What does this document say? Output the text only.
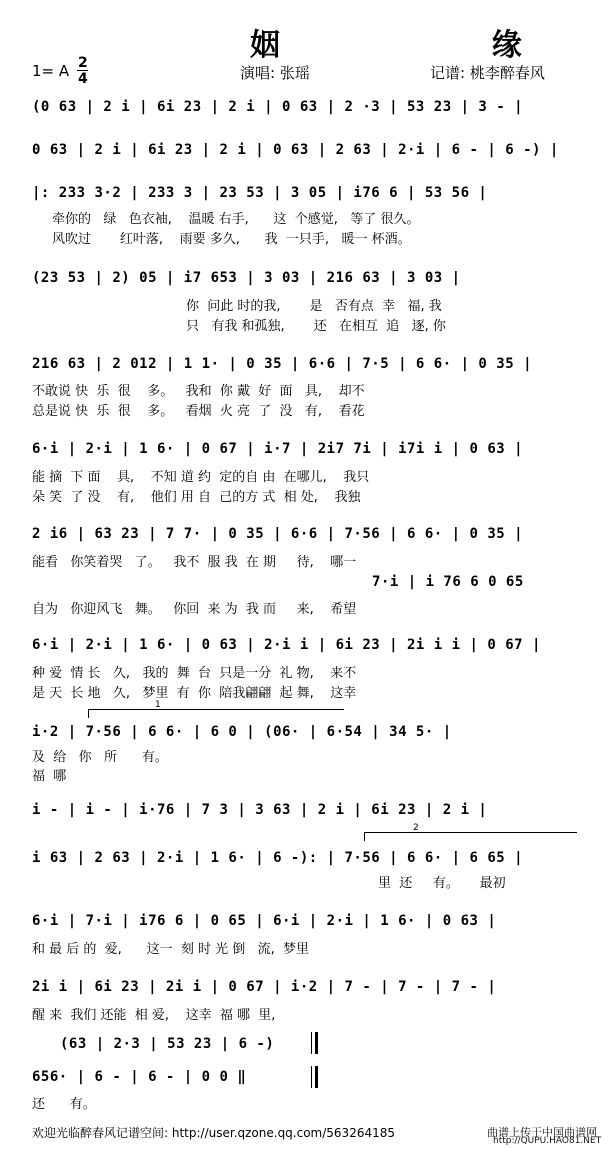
姻    缘
1= A 2
4	演唱: 张瑶	记谱: 桃李醉春风
(0 63 | 2 i | 6i 23 | 2 i | 0 63 | 2 ·3 | 53 23 | 3 - |
0 63 | 2 i | 6i 23 | 2 i | 0 63 | 2 63 | 2·i | 6 - | 6 -) |
|: 233 3·2 | 233 3 | 23 53 | 3 05 | i76 6 | 53 56 |
牵你的   绿   色衣袖,    温暖 右手,      这  个感觉,   等了 很久。
风吹过       红叶落,    雨要 多久,      我  一只手,   暖一 杯酒。
(23 53 | 2) 05 | i7 653 | 3 03 | 216 63 | 3 03 |
你  问此 时的我,       是   否有点  幸   福, 我
只   有我 和孤独,       还   在相互  追   逐, 你
216 63 | 2 012 | 1 1· | 0 35 | 6·6 | 7·5 | 6 6· | 0 35 |
不敢说 快  乐  很    多。   我和  你 戴  好  面   具,    却不
总是说 快  乐  很    多。   看烟  火 亮  了  没   有,    看花
6·i | 2·i | 1 6· | 0 67 | i·7 | 2i7 7i | i7i i | 0 63 |
能 摘  下 面    具,    不知 道 约  定的自 由  在哪儿,    我只
朵 笑  了 没    有,    他们 用 自  己的方 式  相 处,    我独
2 i6 | 63 23 | 7 7· | 0 35 | 6·6 | 7·56 | 6 6· | 0 35 |
能看   你笑着哭   了。   我不  服 我  在 期     待,    哪一
7·i | i 76 6 0 65
自为   你迎风飞   舞。   你回  来 为  我 而     来,    希望
6·i | 2·i | 1 6· | 0 63 | 2·i i | 6i 23 | 2i i i | 0 67 |
种 爱  情 长   久,   我的  舞  台  只是一分  礼 物,    来不
是 天  长 地   久,   梦里  有  你  陪我翩翩  起 舞,    这幸
1
i·2 | 7·56 | 6 6· | 6 0 | (06· | 6·54 | 34 5· |
及  给   你   所      有。
福  哪
i - | i - | i·76 | 7 3 | 3 63 | 2 i | 6i 23 | 2 i |
2
i 63 | 2 63 | 2·i | 1 6· | 6 -): | 7·56 | 6 6· | 6 65 |
里  还     有。     最初
6·i | 7·i | i76 6 | 0 65 | 6·i | 2·i | 1 6· | 0 63 |
和 最 后 的  爱,      这一  刻 时 光 倒   流,  梦里
2i i | 6i 23 | 2i i | 0 67 | i·2 | 7 - | 7 - | 7 - |
醒 来  我们 还能  相 爱,    这幸  福 哪  里,
(63 | 2·3 | 53 23 | 6 -)
656· | 6 - | 6 - | 0 0 ‖
还      有。
欢迎光临醉春风记谱空间: http://user.qzone.qq.com/563264185	曲谱上传于中国曲谱网
http://QUPU.HAO81.NET
